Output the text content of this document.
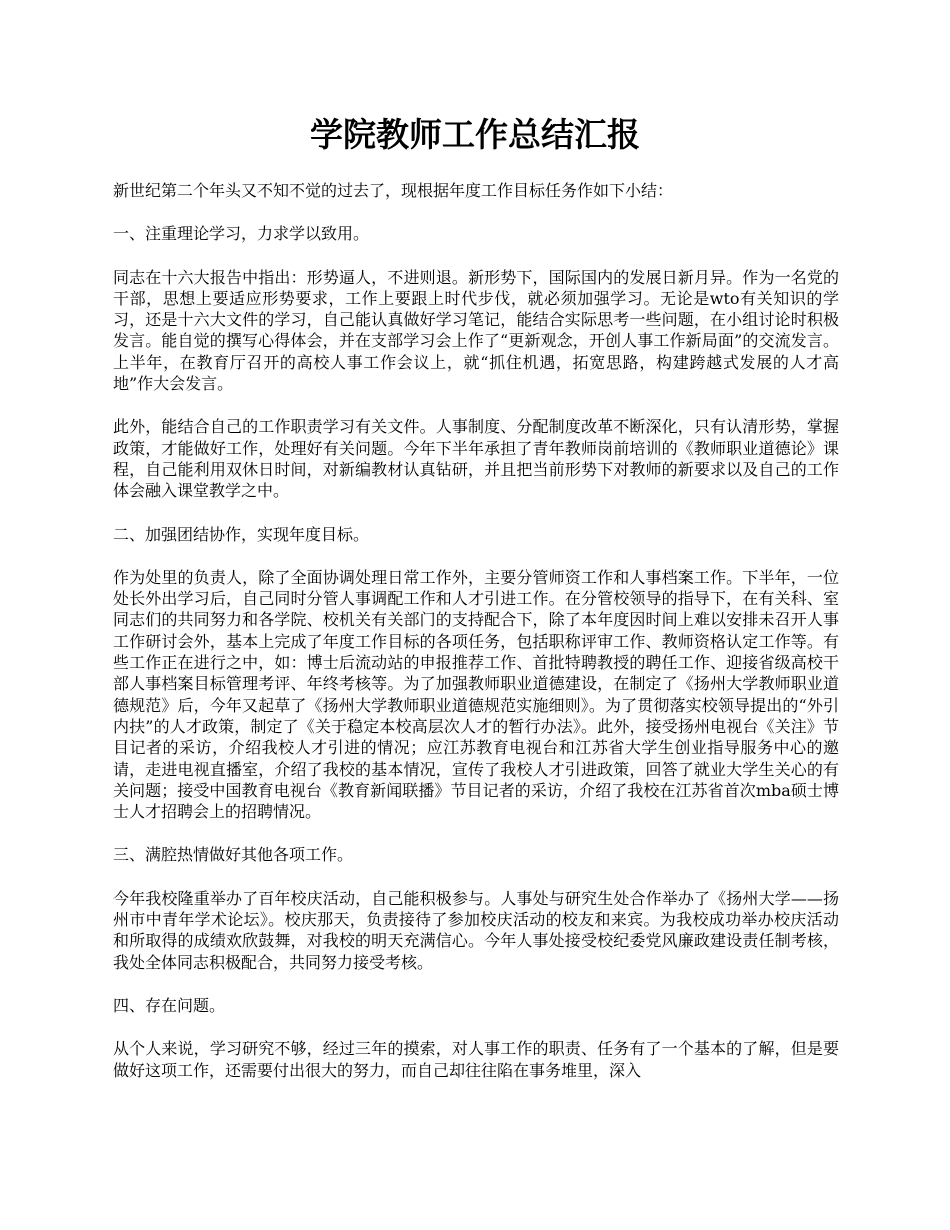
学院教师工作总结汇报

新世纪第二个年头又不知不觉的过去了，现根据年度工作目标任务作如下小结：

一、注重理论学习，力求学以致用。

同志在十六大报告中指出：形势逼人，不进则退。新形势下，国际国内的发展日新月异。作为一名党的干部，思想上要适应形势要求，工作上要跟上时代步伐，就必须加强学习。无论是wto有关知识的学习，还是十六大文件的学习，自己能认真做好学习笔记，能结合实际思考一些问题，在小组讨论时积极发言。能自觉的撰写心得体会，并在支部学习会上作了“更新观念，开创人事工作新局面”的交流发言。上半年，在教育厅召开的高校人事工作会议上，就“抓住机遇，拓宽思路，构建跨越式发展的人才高地”作大会发言。

此外，能结合自己的工作职责学习有关文件。人事制度、分配制度改革不断深化，只有认清形势，掌握政策，才能做好工作，处理好有关问题。今年下半年承担了青年教师岗前培训的《教师职业道德论》课程，自己能利用双休日时间，对新编教材认真钻研，并且把当前形势下对教师的新要求以及自己的工作体会融入课堂教学之中。

二、加强团结协作，实现年度目标。

作为处里的负责人，除了全面协调处理日常工作外，主要分管师资工作和人事档案工作。下半年，一位处长外出学习后，自己同时分管人事调配工作和人才引进工作。在分管校领导的指导下，在有关科、室同志们的共同努力和各学院、校机关有关部门的支持配合下，除了本年度因时间上难以安排未召开人事工作研讨会外，基本上完成了年度工作目标的各项任务，包括职称评审工作、教师资格认定工作等。有些工作正在进行之中，如：博士后流动站的申报推荐工作、首批特聘教授的聘任工作、迎接省级高校干部人事档案目标管理考评、年终考核等。为了加强教师职业道德建设，在制定了《扬州大学教师职业道德规范》后，今年又起草了《扬州大学教师职业道德规范实施细则》。为了贯彻落实校领导提出的“外引内扶”的人才政策，制定了《关于稳定本校高层次人才的暂行办法》。此外，接受扬州电视台《关注》节目记者的采访，介绍我校人才引进的情况；应江苏教育电视台和江苏省大学生创业指导服务中心的邀请，走进电视直播室，介绍了我校的基本情况，宣传了我校人才引进政策，回答了就业大学生关心的有关问题；接受中国教育电视台《教育新闻联播》节目记者的采访，介绍了我校在江苏省首次mba硕士博士人才招聘会上的招聘情况。

三、满腔热情做好其他各项工作。

今年我校隆重举办了百年校庆活动，自己能积极参与。人事处与研究生处合作举办了《扬州大学——扬州市中青年学术论坛》。校庆那天，负责接待了参加校庆活动的校友和来宾。为我校成功举办校庆活动和所取得的成绩欢欣鼓舞，对我校的明天充满信心。今年人事处接受校纪委党风廉政建设责任制考核，我处全体同志积极配合，共同努力接受考核。

四、存在问题。

从个人来说，学习研究不够，经过三年的摸索，对人事工作的职责、任务有了一个基本的了解，但是要做好这项工作，还需要付出很大的努力，而自己却往往陷在事务堆里，深入
